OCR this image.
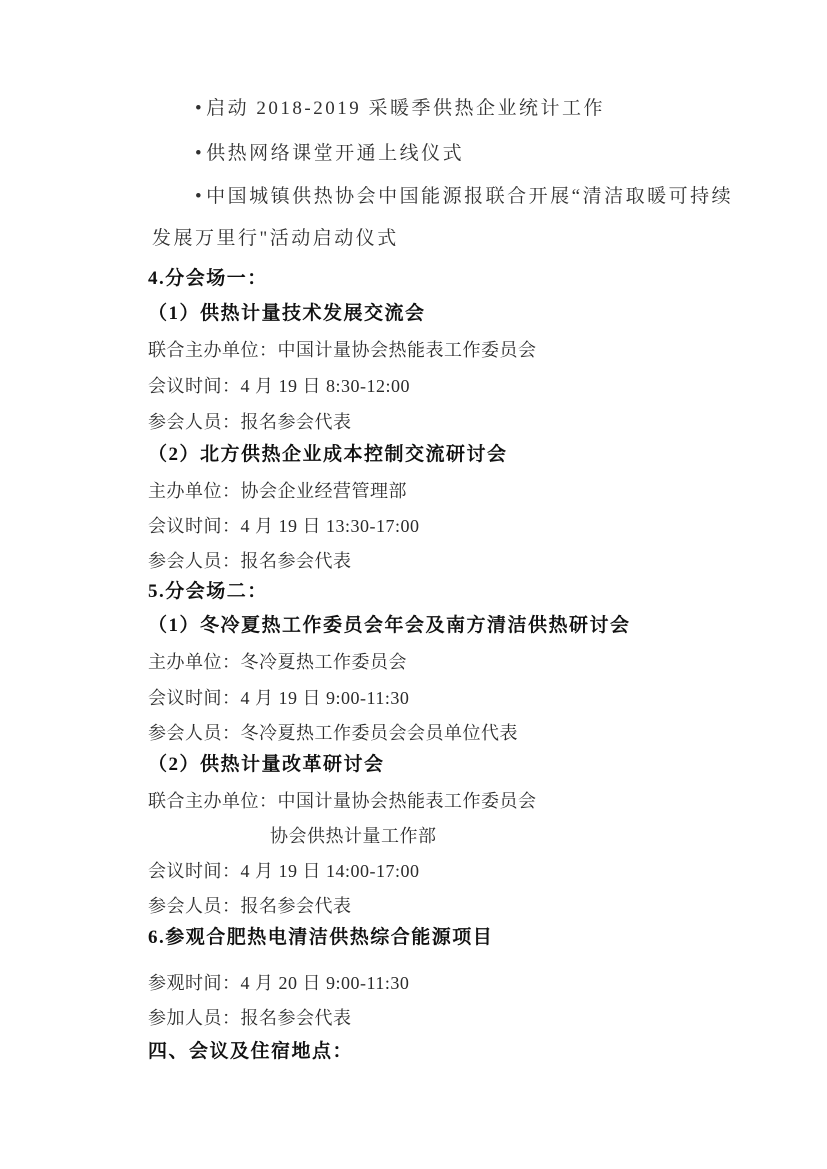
• 启动 2018-2019 采暖季供热企业统计工作

• 供热网络课堂开通上线仪式

• 中国城镇供热协会中国能源报联合开展“清洁取暖可持续

发展万里行"活动启动仪式

4.分会场一：

（1）供热计量技术发展交流会

联合主办单位：中国计量协会热能表工作委员会

会议时间：4 月 19 日 8:30-12:00

参会人员：报名参会代表

（2）北方供热企业成本控制交流研讨会

主办单位：协会企业经营管理部

会议时间：4 月 19 日 13:30-17:00

参会人员：报名参会代表

5.分会场二：

（1）冬冷夏热工作委员会年会及南方清洁供热研讨会

主办单位：冬冷夏热工作委员会

会议时间：4 月 19 日 9:00-11:30

参会人员：冬冷夏热工作委员会会员单位代表

（2）供热计量改革研讨会

联合主办单位：中国计量协会热能表工作委员会

协会供热计量工作部

会议时间：4 月 19 日 14:00-17:00

参会人员：报名参会代表

6.参观合肥热电清洁供热综合能源项目

参观时间：4 月 20 日 9:00-11:30

参加人员：报名参会代表

四、会议及住宿地点：
